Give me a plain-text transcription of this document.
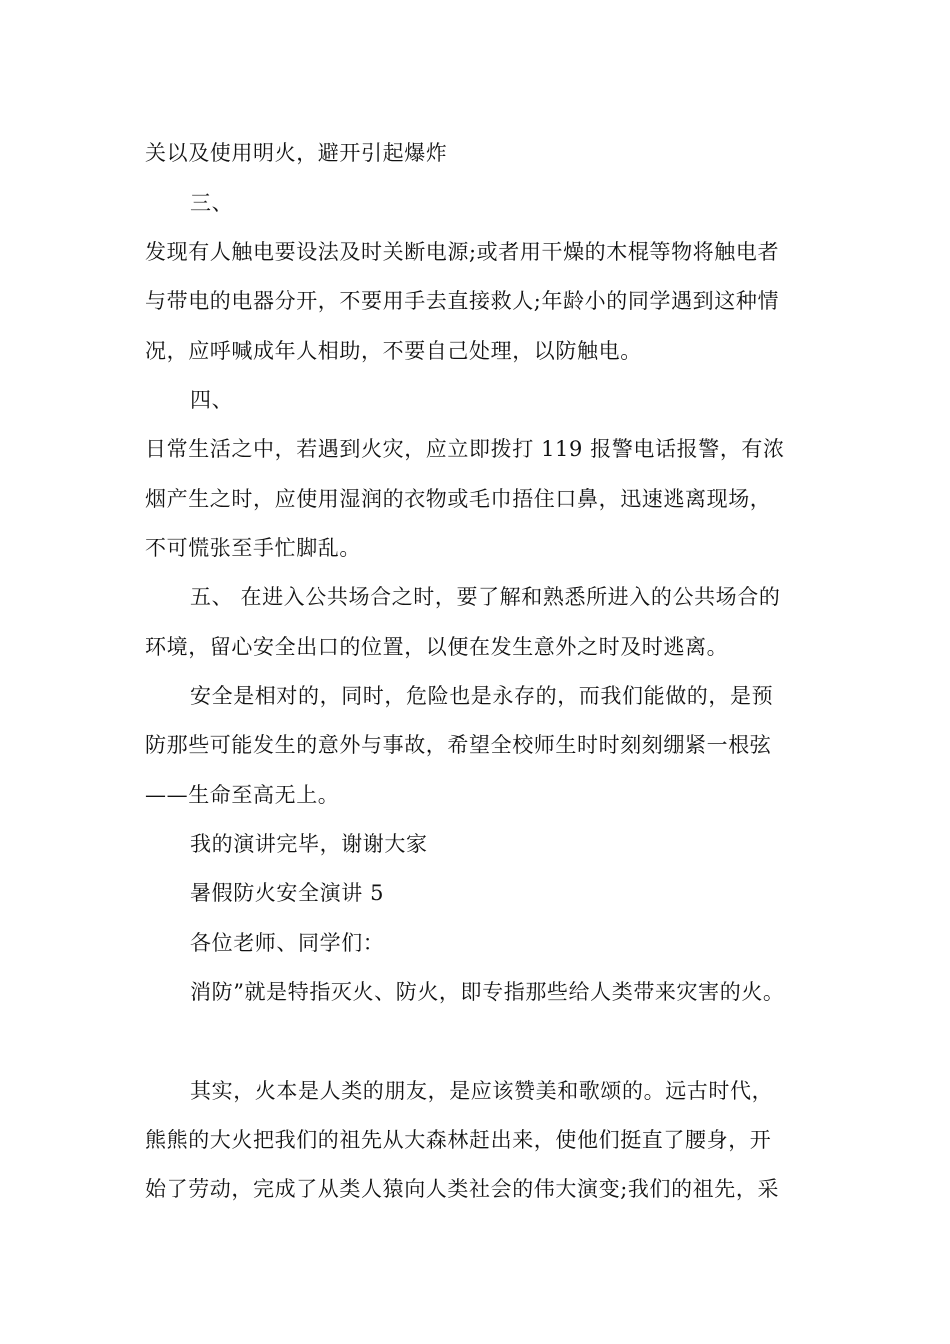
关以及使用明火，避开引起爆炸
三、
发现有人触电要设法及时关断电源;或者用干燥的木棍等物将触电者
与带电的电器分开，不要用手去直接救人;年龄小的同学遇到这种情
况，应呼喊成年人相助，不要自己处理，以防触电。
四、
日常生活之中，若遇到火灾，应立即拨打 119 报警电话报警，有浓
烟产生之时，应使用湿润的衣物或毛巾捂住口鼻，迅速逃离现场，
不可慌张至手忙脚乱。
五、 在进入公共场合之时，要了解和熟悉所进入的公共场合的
环境，留心安全出口的位置，以便在发生意外之时及时逃离。
安全是相对的，同时，危险也是永存的，而我们能做的，是预
防那些可能发生的意外与事故，希望全校师生时时刻刻绷紧一根弦
——生命至高无上。
我的演讲完毕，谢谢大家
暑假防火安全演讲 5
各位老师、同学们：
消防”就是特指灭火、防火，即专指那些给人类带来灾害的火。
其实，火本是人类的朋友，是应该赞美和歌颂的。远古时代，
熊熊的大火把我们的祖先从大森林赶出来，使他们挺直了腰身，开
始了劳动，完成了从类人猿向人类社会的伟大演变;我们的祖先，采
